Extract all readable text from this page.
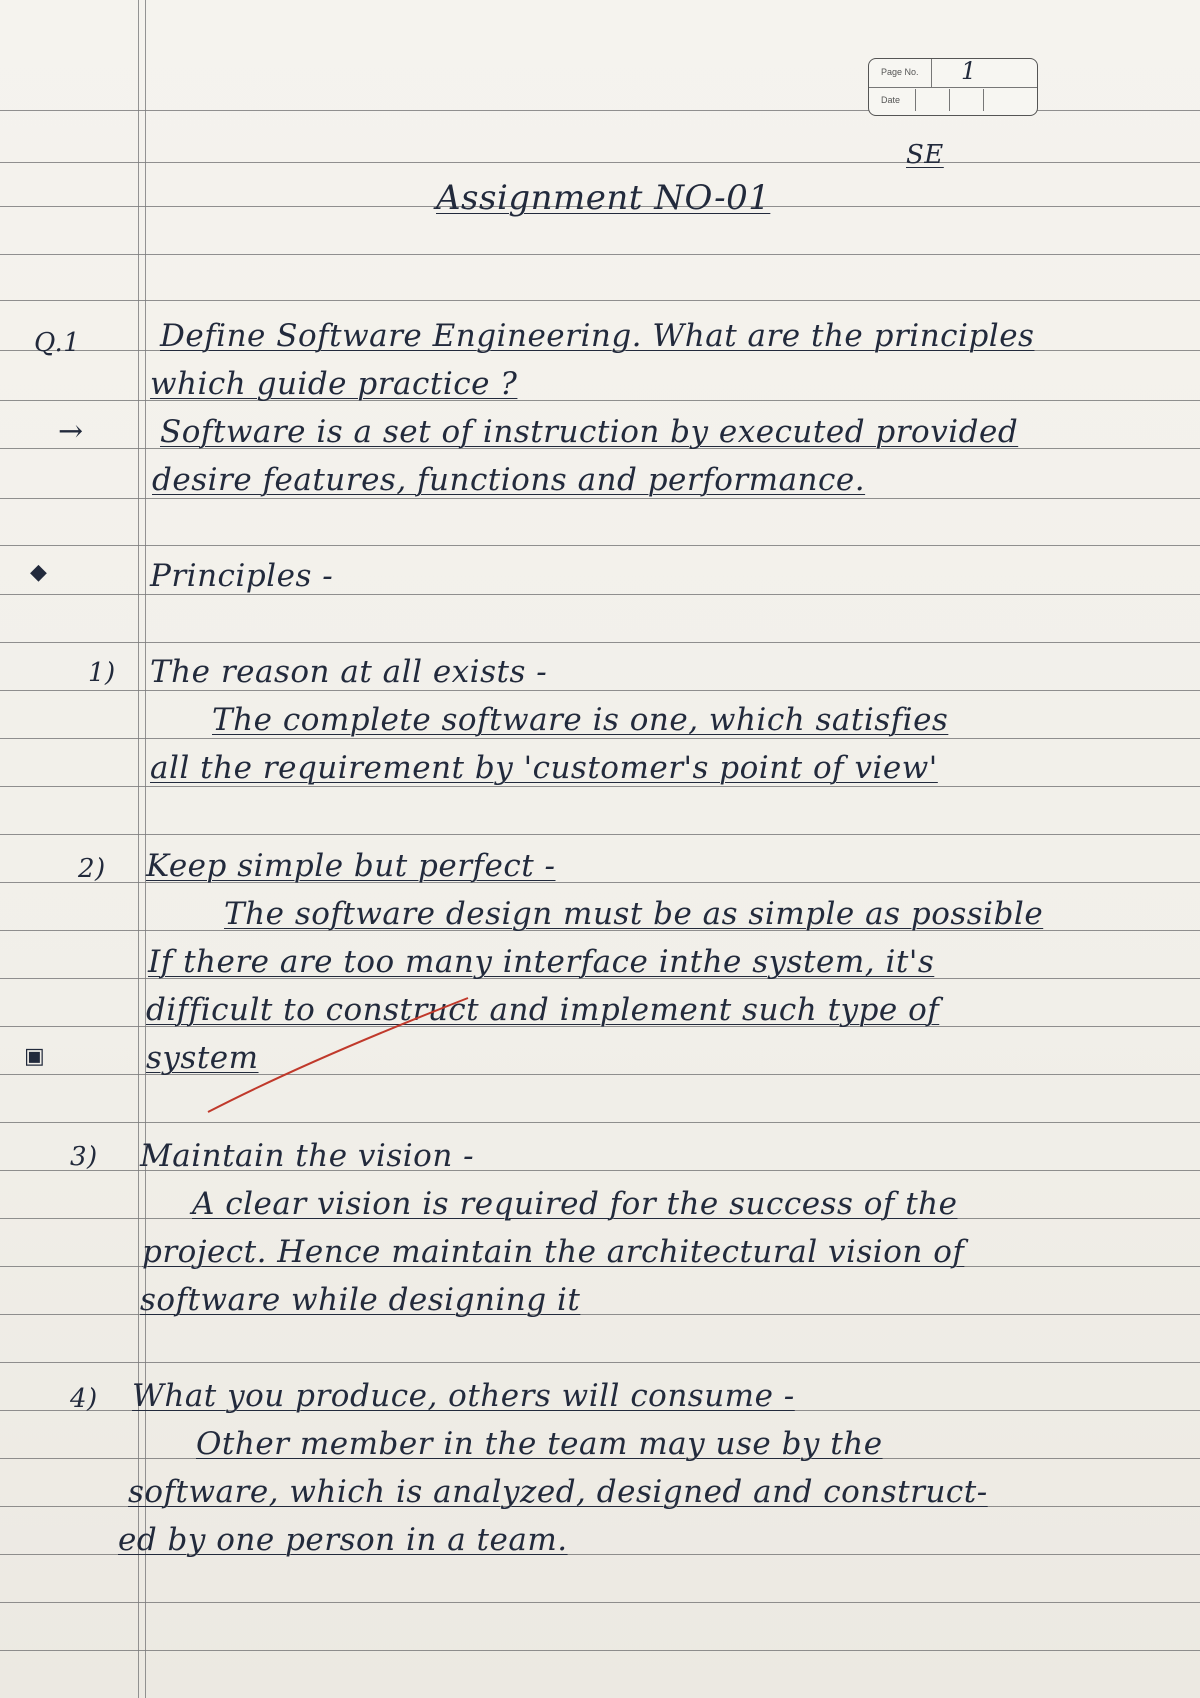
Page No. 1
Date
SE
Assignment NO-01
Q.1	Define Software Engineering. What are the principles
which guide practice ?
→ Software is a set of instruction by executed provided
desire features, functions and performance.
◆	Principles -
1) The reason at all exists -
The complete software is one, which satisfies
all the requirement by 'customer's point of view'
2) Keep simple but perfect -
The software design must be as simple as possible
If there are too many interface inthe system, it's
difficult to construct and implement such type of
system
▣
3) Maintain the vision -
A clear vision is required for the success of the
project. Hence maintain the architectural vision of
software while designing it
4) What you produce, others will consume -
Other member in the team may use by the
software, which is analyzed, designed and construct-
ed by one person in a team.
